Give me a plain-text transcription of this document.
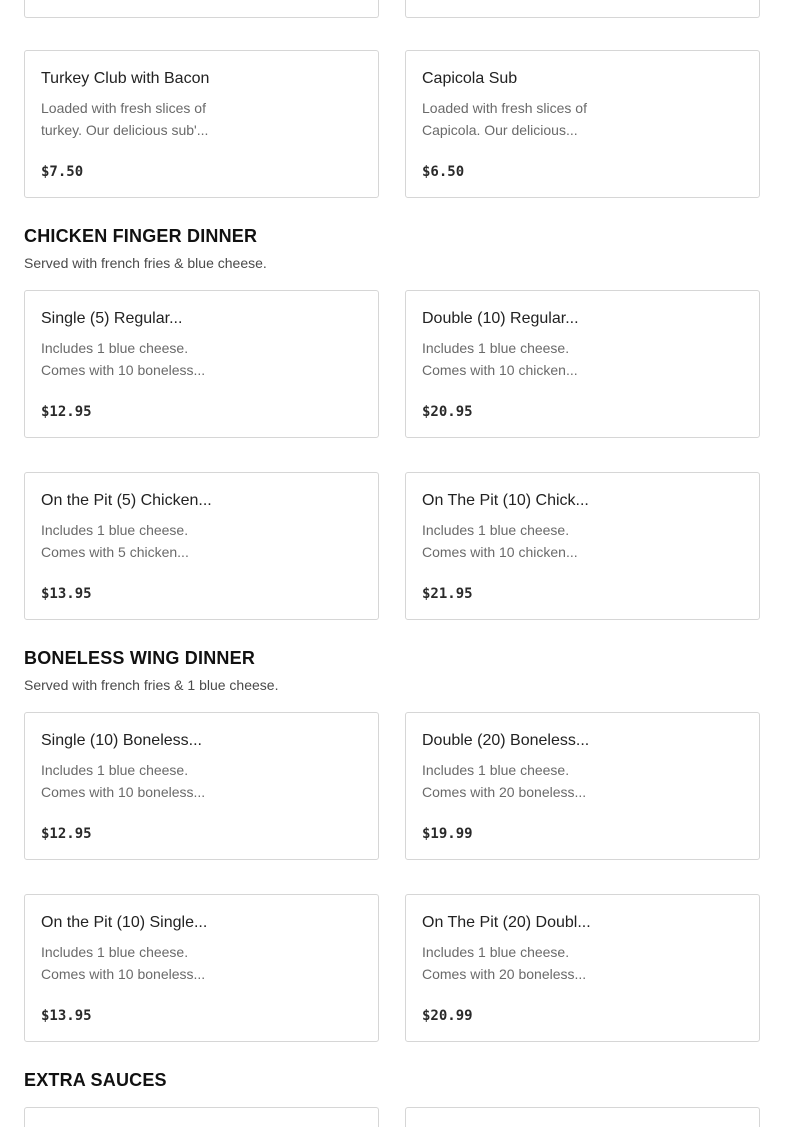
Turkey Club with Bacon
Loaded with fresh slices of
turkey. Our delicious sub'...
$7.50
Capicola Sub
Loaded with fresh slices of
Capicola. Our delicious...
$6.50
CHICKEN FINGER DINNER
Served with french fries & blue cheese.
Single (5) Regular...
Includes 1 blue cheese.
Comes with 10 boneless...
$12.95
Double (10) Regular...
Includes 1 blue cheese.
Comes with 10 chicken...
$20.95
On the Pit (5) Chicken...
Includes 1 blue cheese.
Comes with 5 chicken...
$13.95
On The Pit (10) Chick...
Includes 1 blue cheese.
Comes with 10 chicken...
$21.95
BONELESS WING DINNER
Served with french fries & 1 blue cheese.
Single (10) Boneless...
Includes 1 blue cheese.
Comes with 10 boneless...
$12.95
Double (20) Boneless...
Includes 1 blue cheese.
Comes with 20 boneless...
$19.99
On the Pit (10) Single...
Includes 1 blue cheese.
Comes with 10 boneless...
$13.95
On The Pit (20) Doubl...
Includes 1 blue cheese.
Comes with 20 boneless...
$20.99
EXTRA SAUCES
